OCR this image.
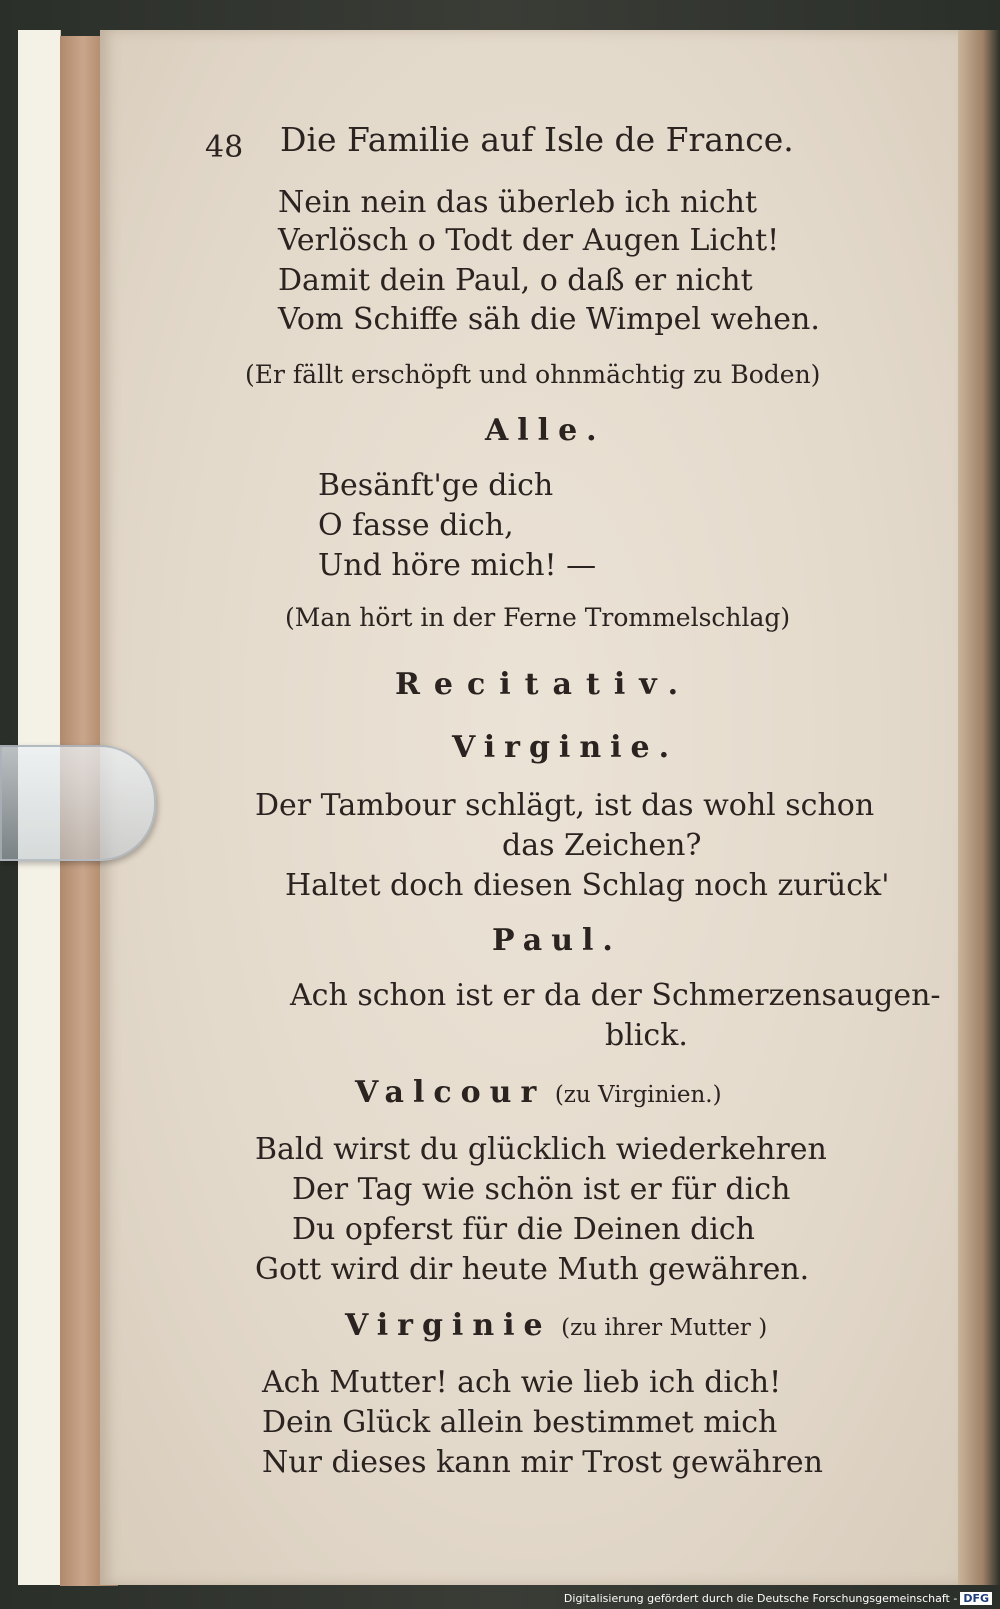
48 Die Familie auf Isle de France.
Nein nein das überleb ich nicht
Verlösch o Todt der Augen Licht!
Damit dein Paul, o daß er nicht
Vom Schiffe säh die Wimpel wehen.
(Er fällt erschöpft und ohnmächtig zu Boden)
Alle.
Besänft'ge dich
O fasse dich,
Und höre mich! —
(Man hört in der Ferne Trommelschlag)
Recitativ.
Virginie.
Der Tambour schlägt, ist das wohl schon
das Zeichen?
Haltet doch diesen Schlag noch zurück'
Paul.
Ach schon ist er da der Schmerzensaugen-
blick.
Valcour (zu Virginien.)
Bald wirst du glücklich wiederkehren
Der Tag wie schön ist er für dich
Du opferst für die Deinen dich
Gott wird dir heute Muth gewähren.
Virginie (zu ihrer Mutter )
Ach Mutter! ach wie lieb ich dich!
Dein Glück allein bestimmet mich
Nur dieses kann mir Trost gewähren
Digitalisierung gefördert durch die Deutsche Forschungsgemeinschaft - DFG
